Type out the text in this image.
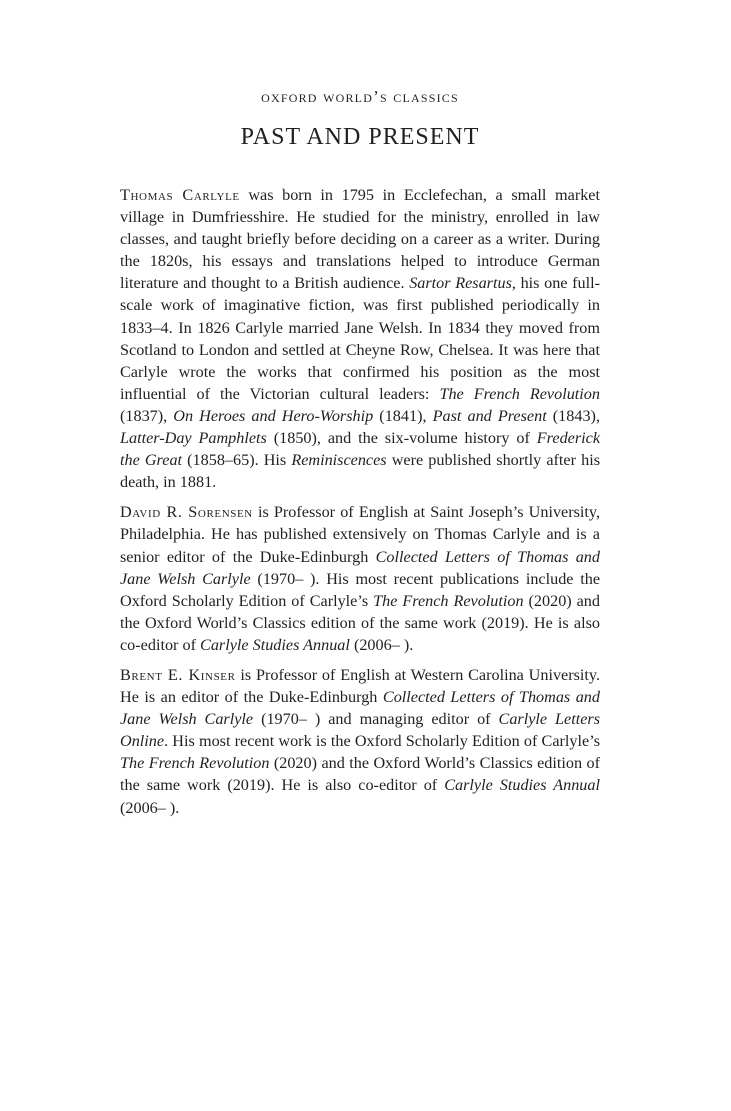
oxford world’s classics
PAST AND PRESENT

Thomas Carlyle was born in 1795 in Ecclefechan, a small market village in Dumfriesshire. He studied for the ministry, enrolled in law classes, and taught briefly before deciding on a career as a writer. During the 1820s, his essays and translations helped to introduce German literature and thought to a British audience. Sartor Resartus, his one full-scale work of imaginative fiction, was first published periodically in 1833–4. In 1826 Carlyle married Jane Welsh. In 1834 they moved from Scotland to London and settled at Cheyne Row, Chelsea. It was here that Carlyle wrote the works that confirmed his position as the most influential of the Victorian cultural leaders: The French Revolution (1837), On Heroes and Hero-Worship (1841), Past and Present (1843), Latter-Day Pamphlets (1850), and the six-volume history of Frederick the Great (1858–65). His Reminiscences were published shortly after his death, in 1881.

David R. Sorensen is Professor of English at Saint Joseph’s University, Philadelphia. He has published extensively on Thomas Carlyle and is a senior editor of the Duke-Edinburgh Collected Letters of Thomas and Jane Welsh Carlyle (1970– ). His most recent publications include the Oxford Scholarly Edition of Carlyle’s The French Revolution (2020) and the Oxford World’s Classics edition of the same work (2019). He is also co-editor of Carlyle Studies Annual (2006– ).

Brent E. Kinser is Professor of English at Western Carolina University. He is an editor of the Duke-Edinburgh Collected Letters of Thomas and Jane Welsh Carlyle (1970– ) and managing editor of Carlyle Letters Online. His most recent work is the Oxford Scholarly Edition of Carlyle’s The French Revolution (2020) and the Oxford World’s Classics edition of the same work (2019). He is also co-editor of Carlyle Studies Annual (2006– ).
